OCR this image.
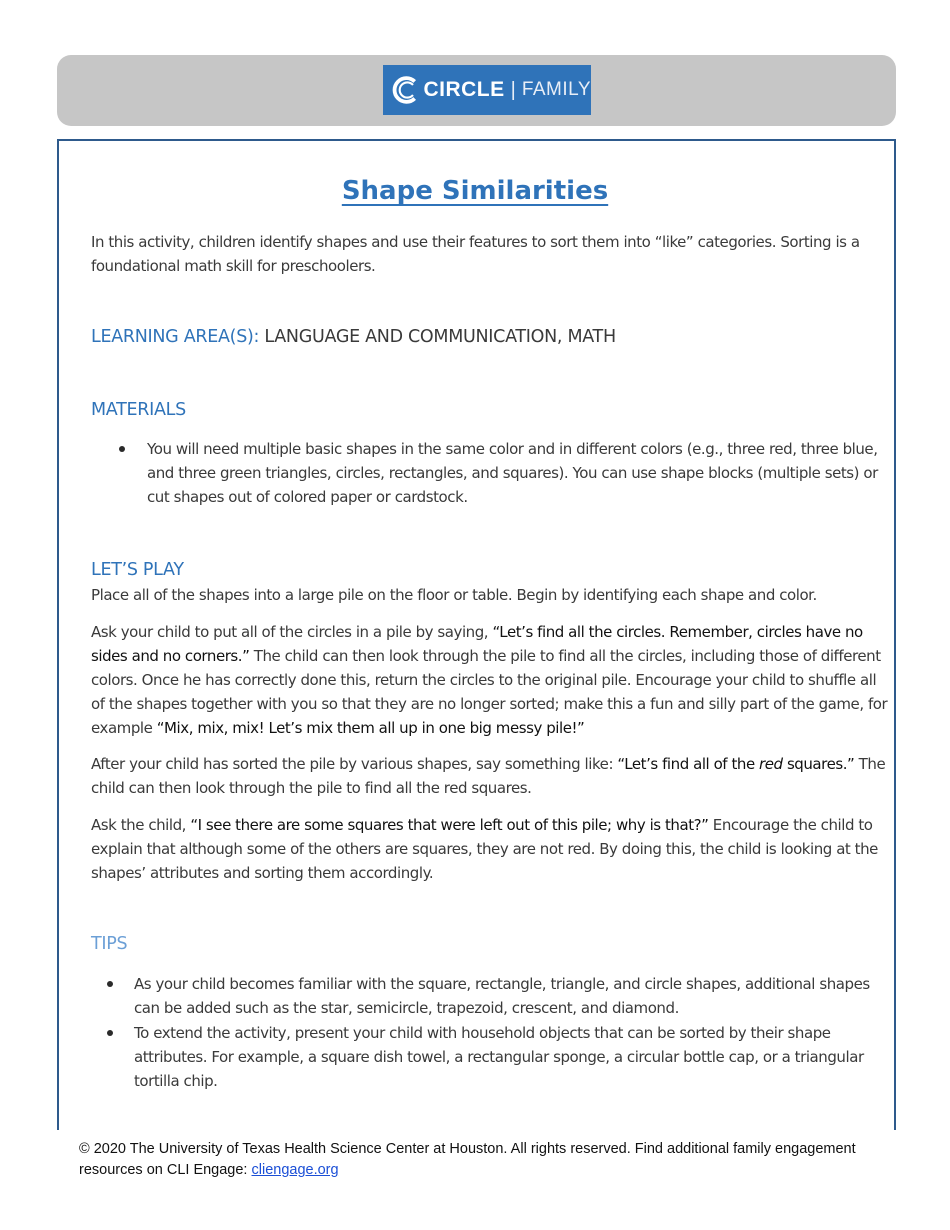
CIRCLE | FAMILY
Shape Similarities
In this activity, children identify shapes and use their features to sort them into “like” categories. Sorting is a foundational math skill for preschoolers.
LEARNING AREA(S): LANGUAGE AND COMMUNICATION, MATH
MATERIALS
You will need multiple basic shapes in the same color and in different colors (e.g., three red, three blue, and three green triangles, circles, rectangles, and squares). You can use shape blocks (multiple sets) or cut shapes out of colored paper or cardstock.
LET’S PLAY
Place all of the shapes into a large pile on the floor or table. Begin by identifying each shape and color.
Ask your child to put all of the circles in a pile by saying, “Let’s find all the circles. Remember, circles have no sides and no corners.” The child can then look through the pile to find all the circles, including those of different colors. Once he has correctly done this, return the circles to the original pile. Encourage your child to shuffle all of the shapes together with you so that they are no longer sorted; make this a fun and silly part of the game, for example “Mix, mix, mix! Let’s mix them all up in one big messy pile!”
After your child has sorted the pile by various shapes, say something like: “Let’s find all of the red squares.” The child can then look through the pile to find all the red squares.
Ask the child, “I see there are some squares that were left out of this pile; why is that?” Encourage the child to explain that although some of the others are squares, they are not red. By doing this, the child is looking at the shapes’ attributes and sorting them accordingly.
TIPS
As your child becomes familiar with the square, rectangle, triangle, and circle shapes, additional shapes can be added such as the star, semicircle, trapezoid, crescent, and diamond.
To extend the activity, present your child with household objects that can be sorted by their shape attributes. For example, a square dish towel, a rectangular sponge, a circular bottle cap, or a triangular tortilla chip.
© 2020 The University of Texas Health Science Center at Houston. All rights reserved. Find additional family engagement resources on CLI Engage: cliengage.org
